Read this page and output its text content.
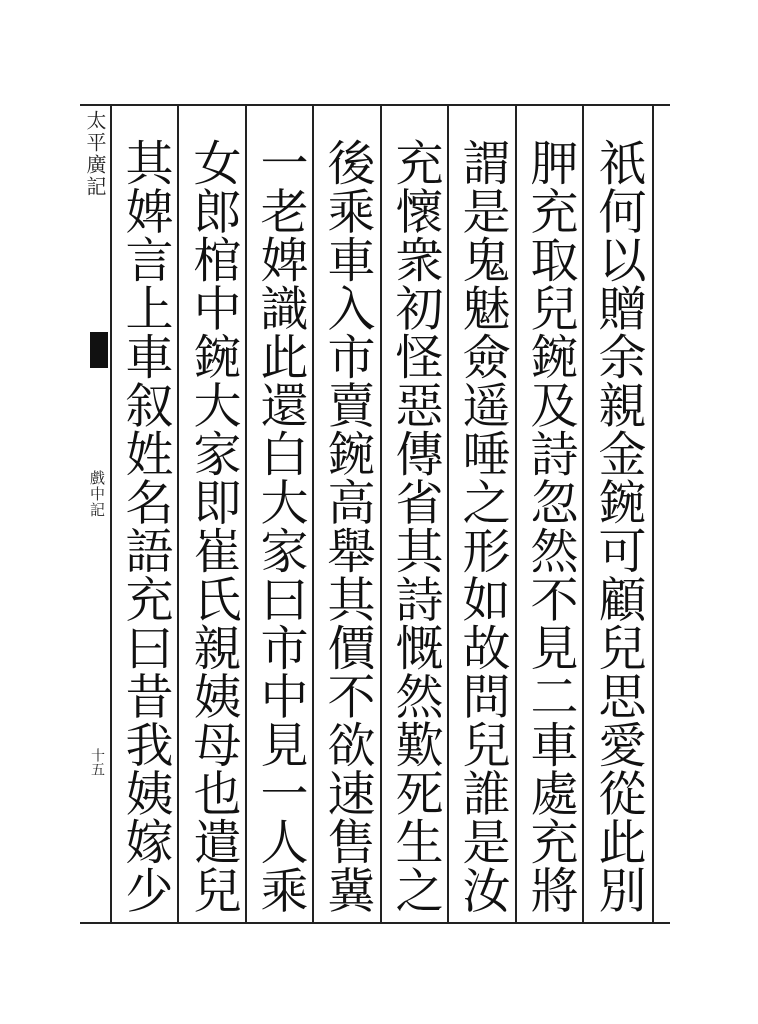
太平廣記
戲中記
十五
祇何以贈余親金鋺可顧兒思愛從此別
胛充取兒鋺及詩忽然不見二車處充將
謂是鬼魅僉遥唾之形如故問兒誰是汝
充懷衆初怪惡傳省其詩慨然歎死生之
後乘車入市賣鋺高舉其價不欲速售冀
一老婢識此還白大家曰市中見一人乘
女郎棺中鋺大家即崔氏親姨母也遣兒
其婢言上車叙姓名語充曰昔我姨嫁少
